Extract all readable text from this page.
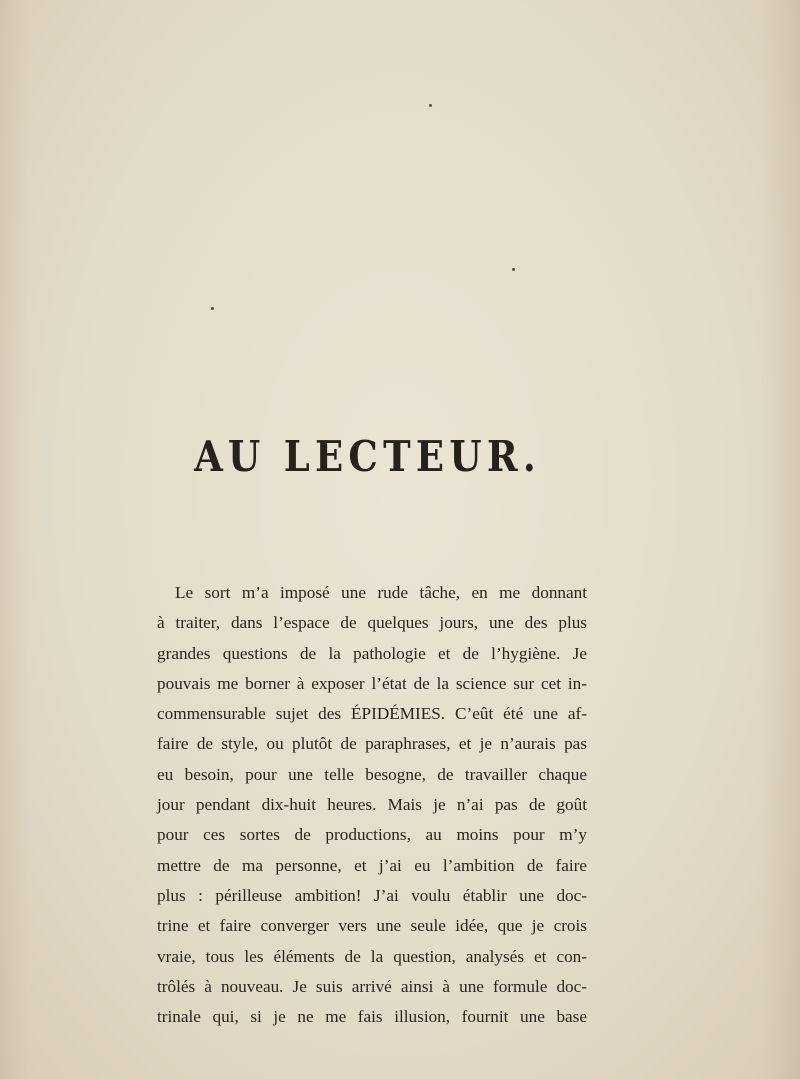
AU LECTEUR.
Le sort m’a imposé une rude tâche, en me donnant
à traiter, dans l’espace de quelques jours, une des plus
grandes questions de la pathologie et de l’hygiène. Je
pouvais me borner à exposer l’état de la science sur cet in-
commensurable sujet des ÉPIDÉMIES. C’eût été une af-
faire de style, ou plutôt de paraphrases, et je n’aurais pas
eu besoin, pour une telle besogne, de travailler chaque
jour pendant dix-huit heures. Mais je n’ai pas de goût
pour ces sortes de productions, au moins pour m’y
mettre de ma personne, et j’ai eu l’ambition de faire
plus : périlleuse ambition! J’ai voulu établir une doc-
trine et faire converger vers une seule idée, que je crois
vraie, tous les éléments de la question, analysés et con-
trôlés à nouveau. Je suis arrivé ainsi à une formule doc-
trinale qui, si je ne me fais illusion, fournit une base
